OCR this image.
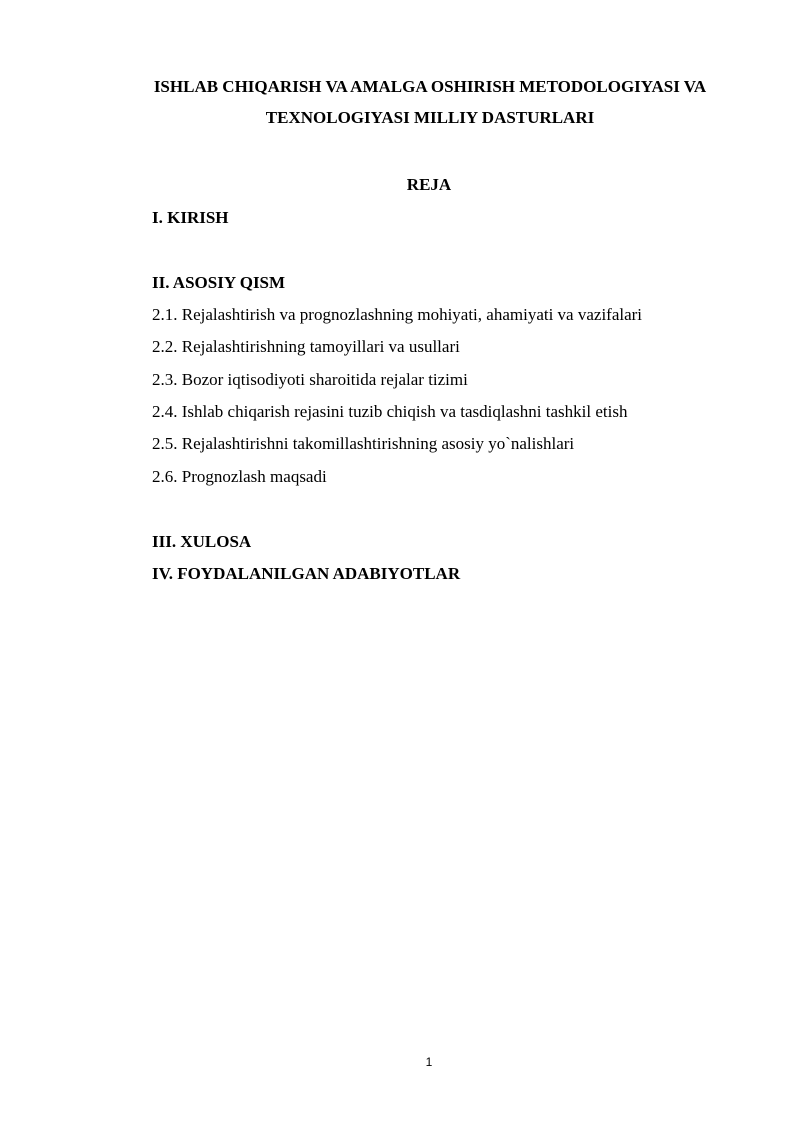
ISHLAB CHIQARISH VA AMALGA OSHIRISH METODOLOGIYASI VA
TEXNOLOGIYASI MILLIY DASTURLARI
REJA
I. KIRISH
II. ASOSIY QISM
2.1. Rejalashtirish va prognozlashning mohiyati, ahamiyati va vazifalari
2.2. Rejalashtirishning tamoyillari va usullari
2.3. Bozor iqtisodiyoti sharoitida rejalar tizimi
2.4. Ishlab chiqarish rejasini tuzib chiqish va tasdiqlashni tashkil etish
2.5. Rejalashtirishni takomillashtirishning asosiy yo`nalishlari
2.6. Prognozlash maqsadi
III. XULOSA
IV. FOYDALANILGAN ADABIYOTLAR
1
